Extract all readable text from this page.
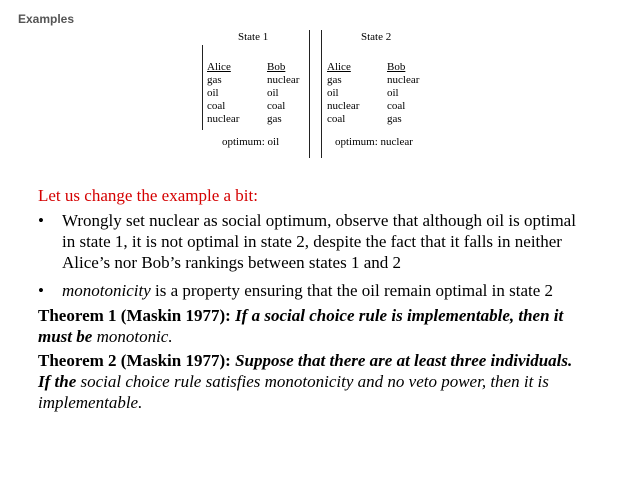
Examples
State 1	State 2
Alice
gas
oil
coal
nuclear
Bob
nuclear
oil
coal
gas
optimum: oil
Alice
gas
oil
nuclear
coal
Bob
nuclear
oil
coal
gas
optimum: nuclear
Let us change the example a bit:
• Wrongly set nuclear as social optimum, observe that although oil is optimal
in state 1, it is not optimal in state 2, despite the fact that it falls in neither
Alice’s nor Bob’s rankings between states 1 and 2
• monotonicity is a property ensuring that the oil remain optimal in state 2
Theorem 1 (Maskin 1977): If a social choice rule is implementable, then it
must be monotonic.
Theorem 2 (Maskin 1977): Suppose that there are at least three individuals.
If the social choice rule satisfies monotonicity and no veto power, then it is
implementable.
